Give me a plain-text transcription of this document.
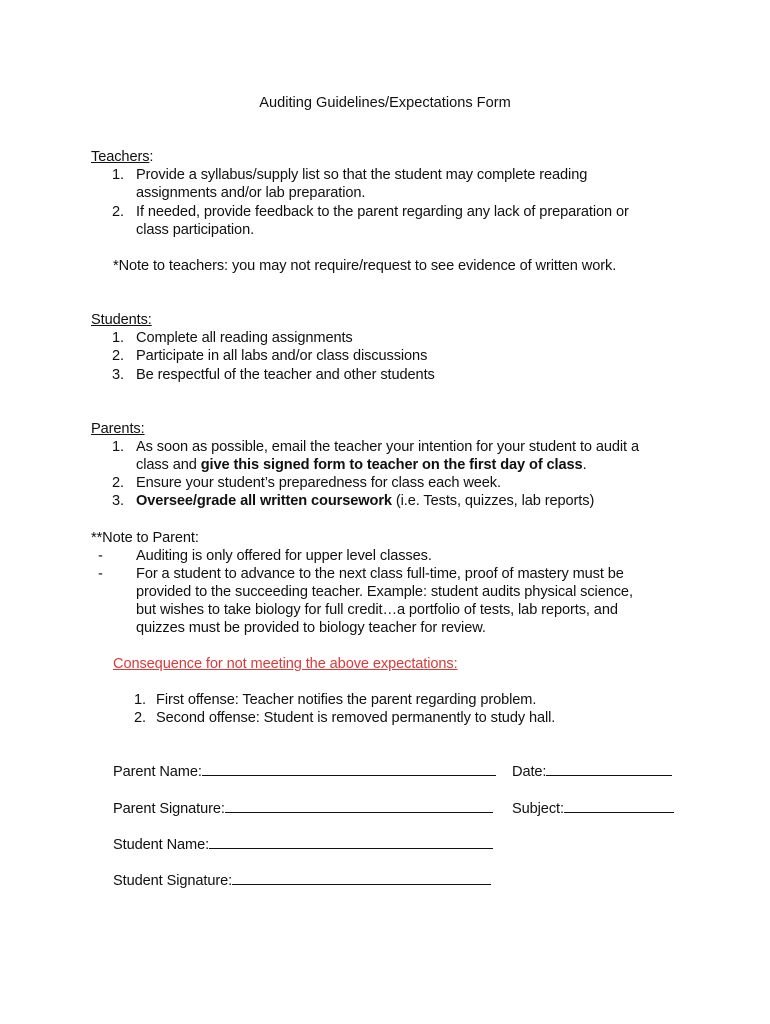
Auditing Guidelines/Expectations Form
Teachers:
1. Provide a syllabus/supply list so that the student may complete reading
assignments and/or lab preparation.
2. If needed, provide feedback to the parent regarding any lack of preparation or
class participation.
*Note to teachers: you may not require/request to see evidence of written work.
Students:
1. Complete all reading assignments
2. Participate in all labs and/or class discussions
3. Be respectful of the teacher and other students
Parents:
1. As soon as possible, email the teacher your intention for your student to audit a
class and give this signed form to teacher on the first day of class.
2. Ensure your student’s preparedness for class each week.
3. Oversee/grade all written coursework (i.e. Tests, quizzes, lab reports)
**Note to Parent:
-	Auditing is only offered for upper level classes.
-	For a student to advance to the next class full-time, proof of mastery must be
provided to the succeeding teacher. Example: student audits physical science,
but wishes to take biology for full credit…a portfolio of tests, lab reports, and
quizzes must be provided to biology teacher for review.
Consequence for not meeting the above expectations:
1. First offense: Teacher notifies the parent regarding problem.
2. Second offense: Student is removed permanently to study hall.
Parent Name:	Date:
Parent Signature:	Subject:
Student Name:
Student Signature:
